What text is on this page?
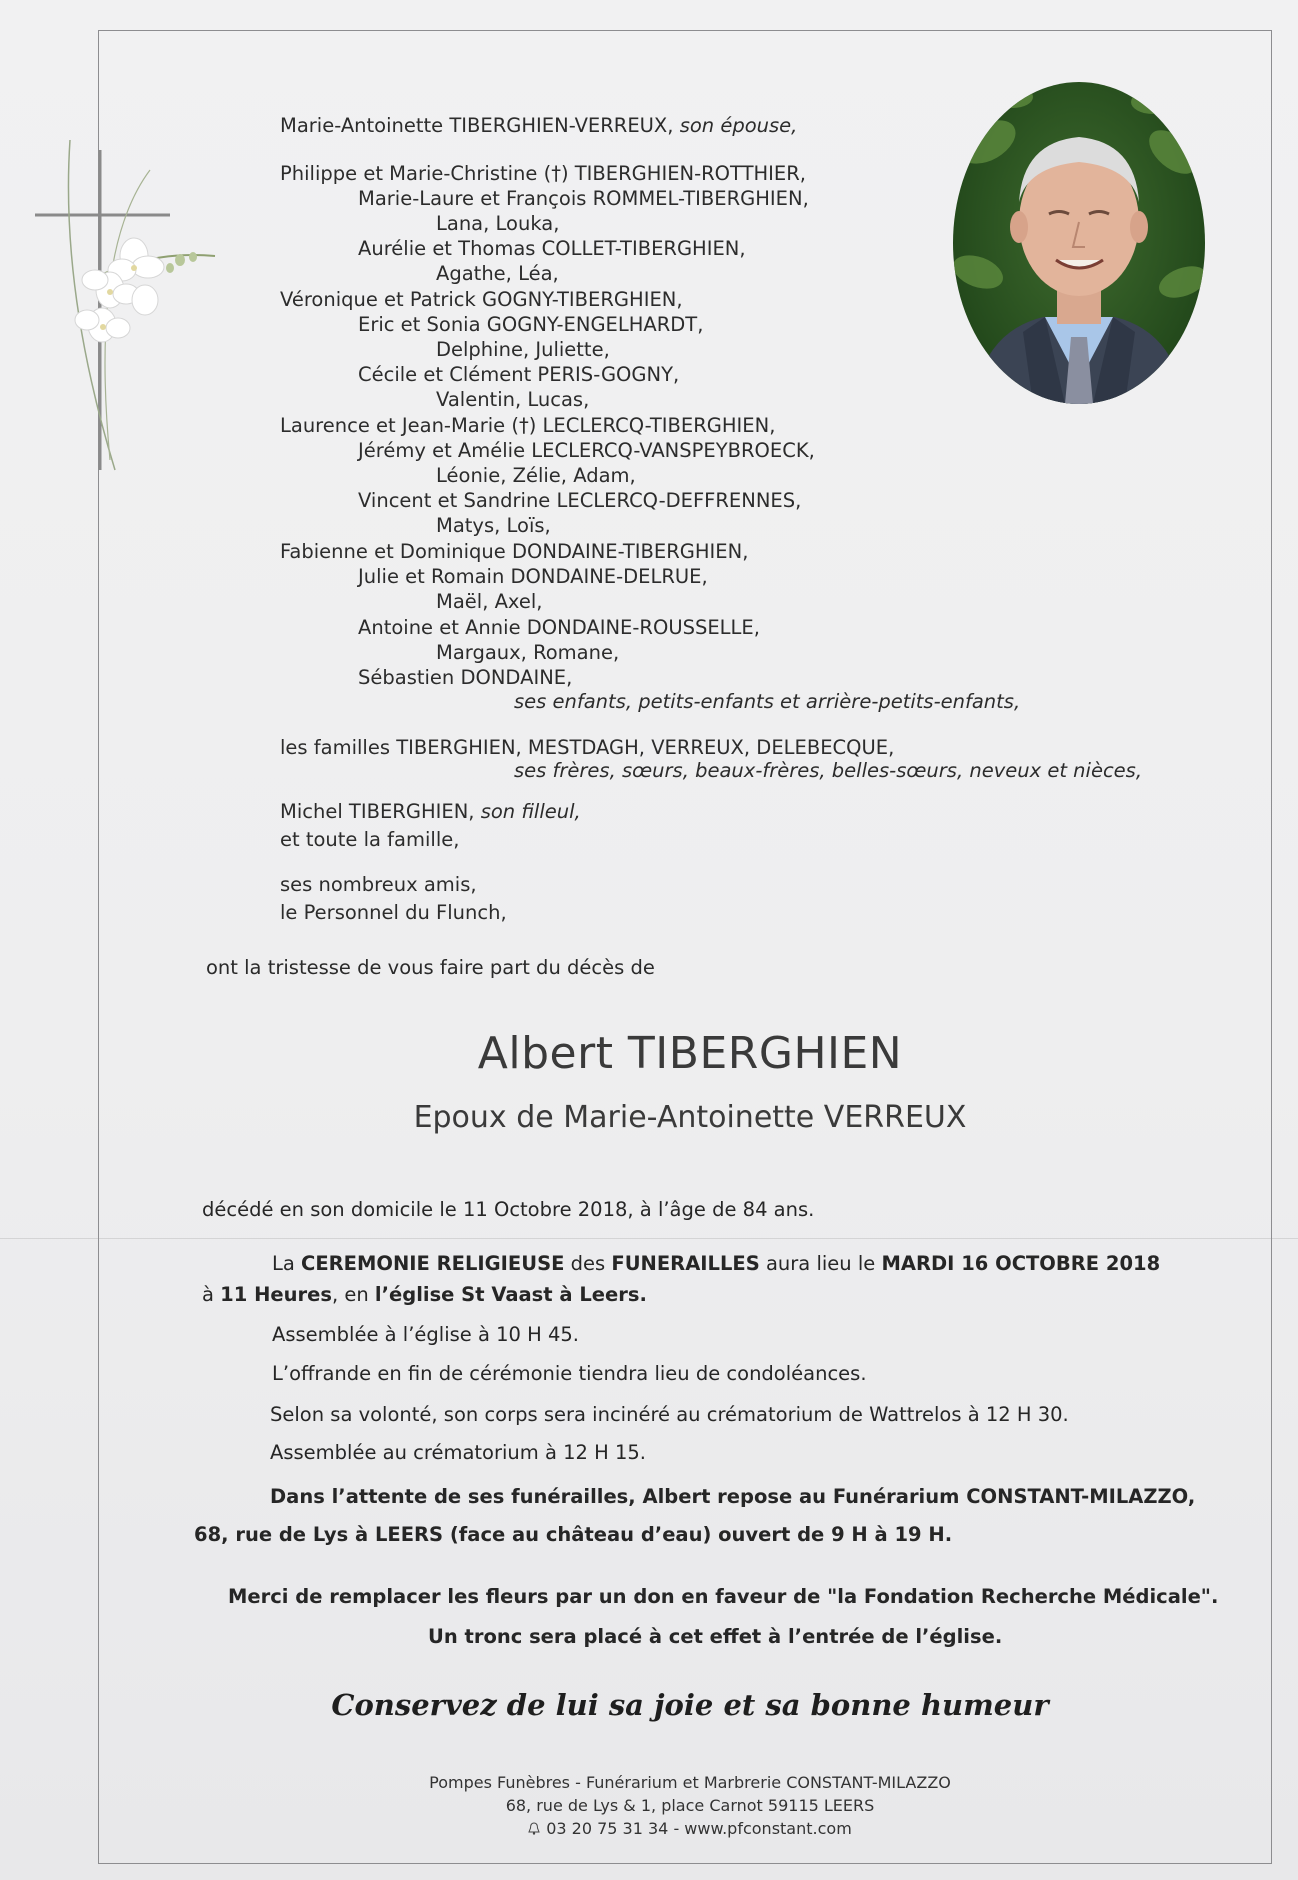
Marie-Antoinette TIBERGHIEN-VERREUX, son épouse,
Philippe et Marie-Christine (†) TIBERGHIEN-ROTTHIER,
Marie-Laure et François ROMMEL-TIBERGHIEN,
Lana, Louka,
Aurélie et Thomas COLLET-TIBERGHIEN,
Agathe, Léa,
Véronique et Patrick GOGNY-TIBERGHIEN,
Eric et Sonia GOGNY-ENGELHARDT,
Delphine, Juliette,
Cécile et Clément PERIS-GOGNY,
Valentin, Lucas,
Laurence et Jean-Marie (†) LECLERCQ-TIBERGHIEN,
Jérémy et Amélie LECLERCQ-VANSPEYBROECK,
Léonie, Zélie, Adam,
Vincent et Sandrine LECLERCQ-DEFFRENNES,
Matys, Loïs,
Fabienne et Dominique DONDAINE-TIBERGHIEN,
Julie et Romain DONDAINE-DELRUE,
Maël, Axel,
Antoine et Annie DONDAINE-ROUSSELLE,
Margaux, Romane,
Sébastien DONDAINE,
les familles TIBERGHIEN, MESTDAGH, VERREUX, DELEBECQUE,
Michel TIBERGHIEN, son filleul,
et toute la famille,
ses nombreux amis,
le Personnel du Flunch,
ses enfants, petits-enfants et arrière-petits-enfants,
ses frères, sœurs, beaux-frères, belles-sœurs, neveux et nièces,
ont la tristesse de vous faire part du décès de
Albert TIBERGHIEN
Epoux de Marie-Antoinette VERREUX
décédé en son domicile le 11 Octobre 2018, à l’âge de 84 ans.
La CEREMONIE RELIGIEUSE des FUNERAILLES aura lieu le MARDI 16 OCTOBRE 2018
à 11 Heures, en l’église St Vaast à Leers.
Assemblée à l’église à 10 H 45.
L’offrande en fin de cérémonie tiendra lieu de condoléances.
Selon sa volonté, son corps sera incinéré au crématorium de Wattrelos à 12 H 30.
Assemblée au crématorium à 12 H 15.
Dans l’attente de ses funérailles, Albert repose au Funérarium CONSTANT-MILAZZO,
68, rue de Lys à LEERS (face au château d’eau) ouvert de 9 H à 19 H.
Merci de remplacer les fleurs par un don en faveur de "la Fondation Recherche Médicale".
Un tronc sera placé à cet effet à l’entrée de l’église.
Conservez de lui sa joie et sa bonne humeur
Pompes Funèbres - Funérarium et Marbrerie CONSTANT-MILAZZO
68, rue de Lys & 1, place Carnot 59115 LEERS
03 20 75 31 34 - www.pfconstant.com
